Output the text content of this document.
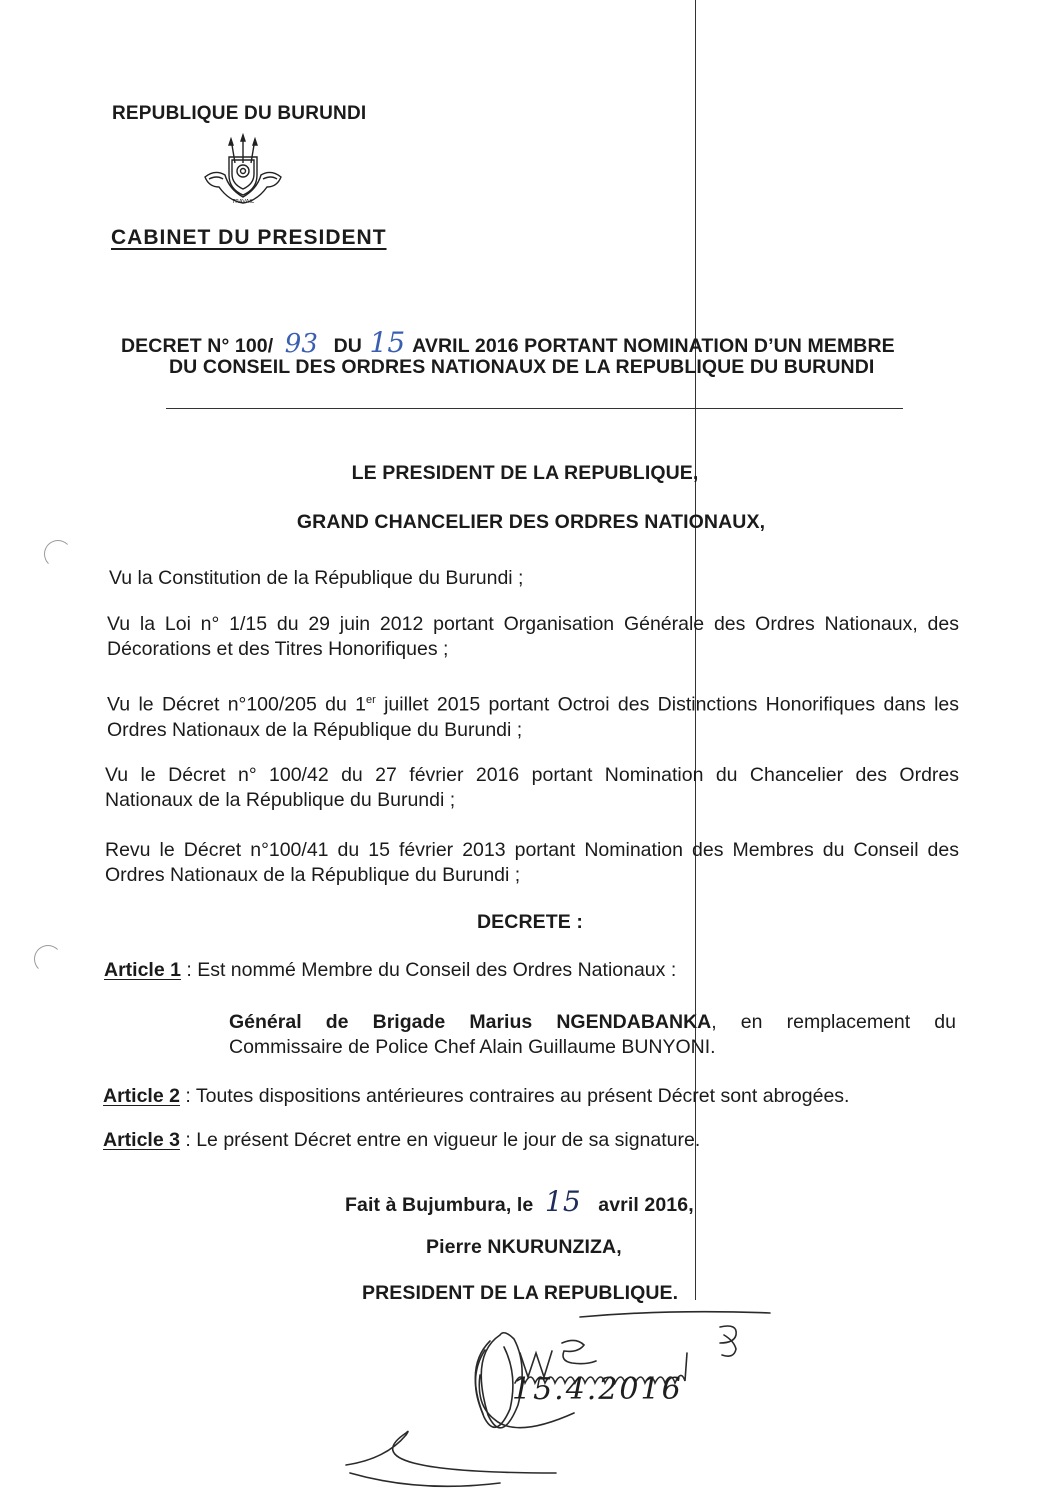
REPUBLIQUE DU BURUNDI
TRAVAIL
CABINET DU PRESIDENT
DECRET N° 100/ 93 DU 15 AVRIL 2016 PORTANT NOMINATION D’UN MEMBRE
DU CONSEIL DES ORDRES NATIONAUX DE LA REPUBLIQUE DU BURUNDI
LE PRESIDENT DE LA REPUBLIQUE,
GRAND CHANCELIER DES ORDRES NATIONAUX,
Vu la Constitution de la République du Burundi ;
Vu la Loi n° 1/15 du 29 juin 2012 portant Organisation Générale des Ordres Nationaux, des
Décorations et des Titres Honorifiques ;
Vu le Décret n°100/205 du 1er juillet 2015 portant Octroi des Distinctions Honorifiques dans les
Ordres Nationaux de la République du Burundi ;
Vu le Décret n° 100/42 du 27 février 2016 portant Nomination du Chancelier des Ordres
Nationaux de la République du Burundi ;
Revu le Décret n°100/41 du 15 février 2013 portant Nomination des Membres du Conseil des
Ordres Nationaux de la République du Burundi ;
DECRETE :
Article 1 : Est nommé Membre du Conseil des Ordres Nationaux :
Général de Brigade Marius NGENDABANKA, en remplacement du
Commissaire de Police Chef Alain Guillaume BUNYONI.
Article 2 : Toutes dispositions antérieures contraires au présent Décret sont abrogées.
Article 3 : Le présent Décret entre en vigueur le jour de sa signature.
Fait à Bujumbura, le 15 avril 2016,
Pierre NKURUNZIZA,
PRESIDENT DE LA REPUBLIQUE.
15.4.2016
